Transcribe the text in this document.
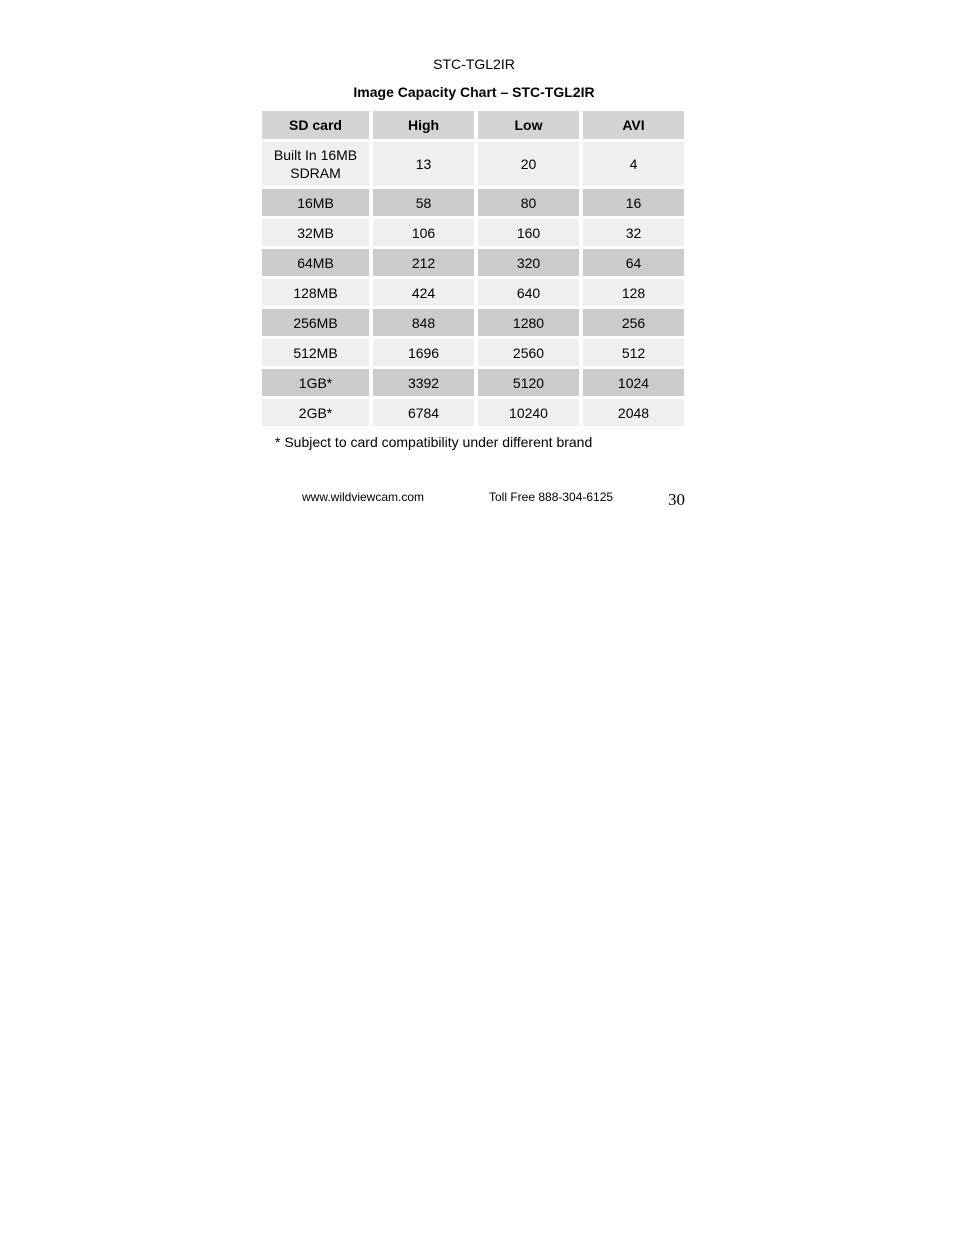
STC-TGL2IR
Image Capacity Chart – STC-TGL2IR
SD card	High	Low	AVI
Built In 16MB SDRAM	13	20	4
16MB	58	80	16
32MB	106	160	32
64MB	212	320	64
128MB	424	640	128
256MB	848	1280	256
512MB	1696	2560	512
1GB*	3392	5120	1024
2GB*	6784	10240	2048
* Subject to card compatibility under different brand
www.wildviewcam.com	Toll Free 888-304-6125	30
